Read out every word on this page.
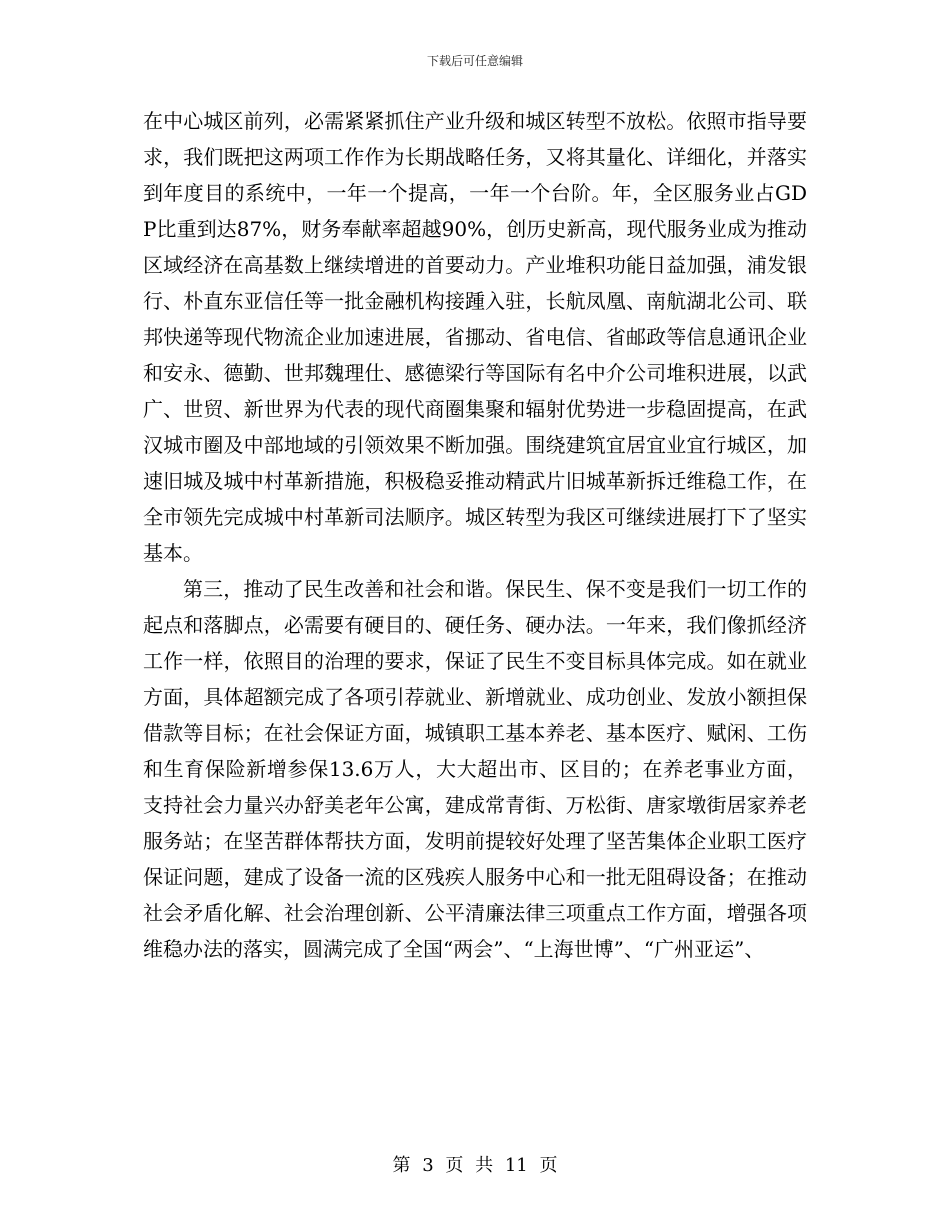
下载后可任意编辑

在中心城区前列，必需紧紧抓住产业升级和城区转型不放松。依照市指导要求，我们既把这两项工作作为长期战略任务，又将其量化、详细化，并落实到年度目的系统中，一年一个提高，一年一个台阶。年，全区服务业占GDP比重到达87%，财务奉献率超越90%，创历史新高，现代服务业成为推动区域经济在高基数上继续增进的首要动力。产业堆积功能日益加强，浦发银行、朴直东亚信任等一批金融机构接踵入驻，长航凤凰、南航湖北公司、联邦快递等现代物流企业加速进展，省挪动、省电信、省邮政等信息通讯企业和安永、德勤、世邦魏理仕、感德梁行等国际有名中介公司堆积进展，以武广、世贸、新世界为代表的现代商圈集聚和辐射优势进一步稳固提高，在武汉城市圈及中部地域的引领效果不断加强。围绕建筑宜居宜业宜行城区，加速旧城及城中村革新措施，积极稳妥推动精武片旧城革新拆迁维稳工作，在全市领先完成城中村革新司法顺序。城区转型为我区可继续进展打下了坚实基本。

第三，推动了民生改善和社会和谐。保民生、保不变是我们一切工作的起点和落脚点，必需要有硬目的、硬任务、硬办法。一年来，我们像抓经济工作一样，依照目的治理的要求，保证了民生不变目标具体完成。如在就业方面，具体超额完成了各项引荐就业、新增就业、成功创业、发放小额担保借款等目标；在社会保证方面，城镇职工基本养老、基本医疗、赋闲、工伤和生育保险新增参保13.6万人，大大超出市、区目的；在养老事业方面，支持社会力量兴办舒美老年公寓，建成常青街、万松街、唐家墩街居家养老服务站；在坚苦群体帮扶方面，发明前提较好处理了坚苦集体企业职工医疗保证问题，建成了设备一流的区残疾人服务中心和一批无阻碍设备；在推动社会矛盾化解、社会治理创新、公平清廉法律三项重点工作方面，增强各项维稳办法的落实，圆满完成了全国“两会”、“上海世博”、“广州亚运”、

第 3 页 共 11 页
